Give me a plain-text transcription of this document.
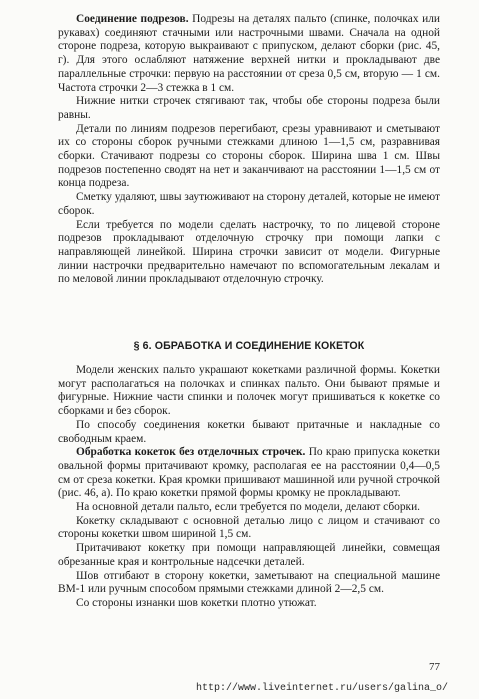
Соединение подрезов. Подрезы на деталях пальто (спинке, полочках или рукавах) соединяют стачными или настрочными швами. Сначала на одной стороне подреза, которую выкраивают с припуском, делают сборки (рис. 45, г). Для этого ослабляют натяжение верхней нитки и прокладывают две параллельные строчки: первую на расстоянии от среза 0,5 см, вторую — 1 см. Частота строчки 2—3 стежка в 1 см.

Нижние нитки строчек стягивают так, чтобы обе стороны подреза были равны.

Детали по линиям подрезов перегибают, срезы уравнивают и сметывают их со стороны сборок ручными стежками длиною 1—1,5 см, разравнивая сборки. Стачивают подрезы со стороны сборок. Ширина шва 1 см. Швы подрезов постепенно сводят на нет и заканчивают на расстоянии 1—1,5 см от конца подреза.

Сметку удаляют, швы заутюживают на сторону деталей, которые не имеют сборок.

Если требуется по модели сделать настрочку, то по лицевой стороне подрезов прокладывают отделочную строчку при помощи лапки с направляющей линейкой. Ширина строчки зависит от модели. Фигурные линии настрочки предварительно намечают по вспомогательным лекалам и по меловой линии прокладывают отделочную строчку.

§ 6. ОБРАБОТКА И СОЕДИНЕНИЕ КОКЕТОК

Модели женских пальто украшают кокетками различной формы. Кокетки могут располагаться на полочках и спинках пальто. Они бывают прямые и фигурные. Нижние части спинки и полочек могут пришиваться к кокетке со сборками и без сборок.

По способу соединения кокетки бывают притачные и накладные со свободным краем.

Обработка кокеток без отделочных строчек. По краю припуска кокетки овальной формы притачивают кромку, располагая ее на расстоянии 0,4—0,5 см от среза кокетки. Края кромки пришивают машинной или ручной строчкой (рис. 46, а). По краю кокетки прямой формы кромку не прокладывают.

На основной детали пальто, если требуется по модели, делают сборки.

Кокетку складывают с основной деталью лицо с лицом и стачивают со стороны кокетки швом шириной 1,5 см.

Притачивают кокетку при помощи направляющей линейки, совмещая обрезанные края и контрольные надсечки деталей.

Шов отгибают в сторону кокетки, заметывают на специальной машине ВМ-1 или ручным способом прямыми стежками длиной 2—2,5 см.

Со стороны изнанки шов кокетки плотно утюжат.

77
http://www.liveinternet.ru/users/galina_o/
